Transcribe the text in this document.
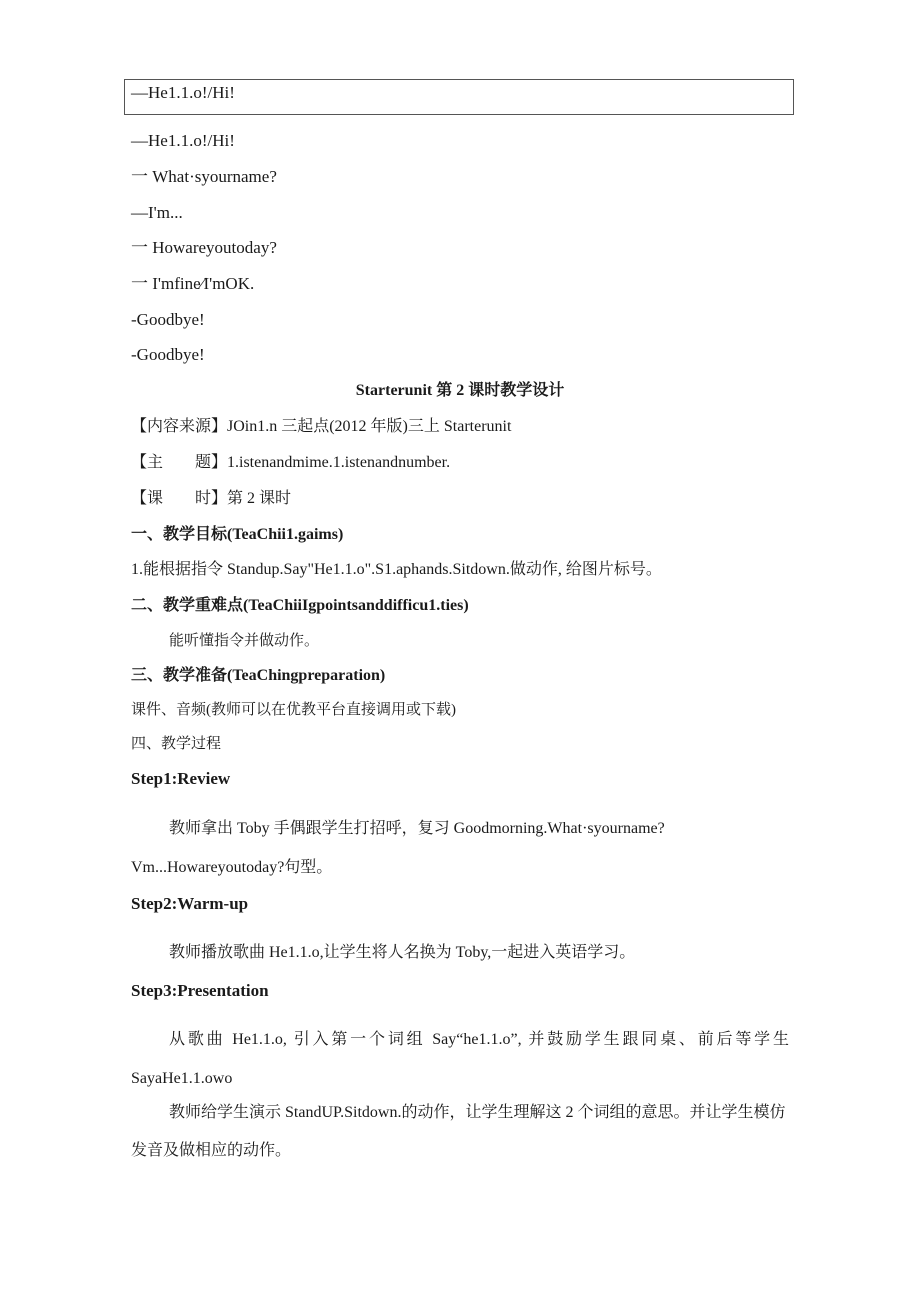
—He1.1.o!/Hi!
—He1.1.o!/Hi!
一 What·syourname?
—I'm...
一 Howareyoutoday?
一 I'mfine∕I'mOK.
-Goodbye!
-Goodbye!
Starterunit 第 2 课时教学设计
【内容来源】JOin1.n 三起点(2012 年版)三上 Starterunit
【主　　题】1.istenandmime.1.istenandnumber.
【课　　时】第 2 课时
一、教学目标(TeaChii1.gaims)
1.能根据指令 Standup.Say"He1.1.o".S1.aphands.Sitdown.做动作, 给图片标号。
二、教学重难点(TeaChiiIgpointsanddifficu1.ties)
能听懂指令并做动作。
三、教学准备(TeaChingpreparation)
课件、音频(教师可以在优教平台直接调用或下载)
四、教学过程
Step1:Review
教师拿出 Toby 手偶跟学生打招呼，复习 Goodmorning.What·syourname?
Vm...Howareyoutoday?句型。
Step2:Warm-up
教师播放歌曲 He1.1.o,让学生将人名换为 Toby,一起进入英语学习。
Step3:Presentation
从歌曲 He1.1.o, 引入第一个词组 Say“he1.1.o”, 并鼓励学生跟同桌、前后等学生
SayaHe1.1.owo
教师给学生演示 StandUP.Sitdown.的动作，让学生理解这 2 个词组的意思。并让学生模仿
发音及做相应的动作。
